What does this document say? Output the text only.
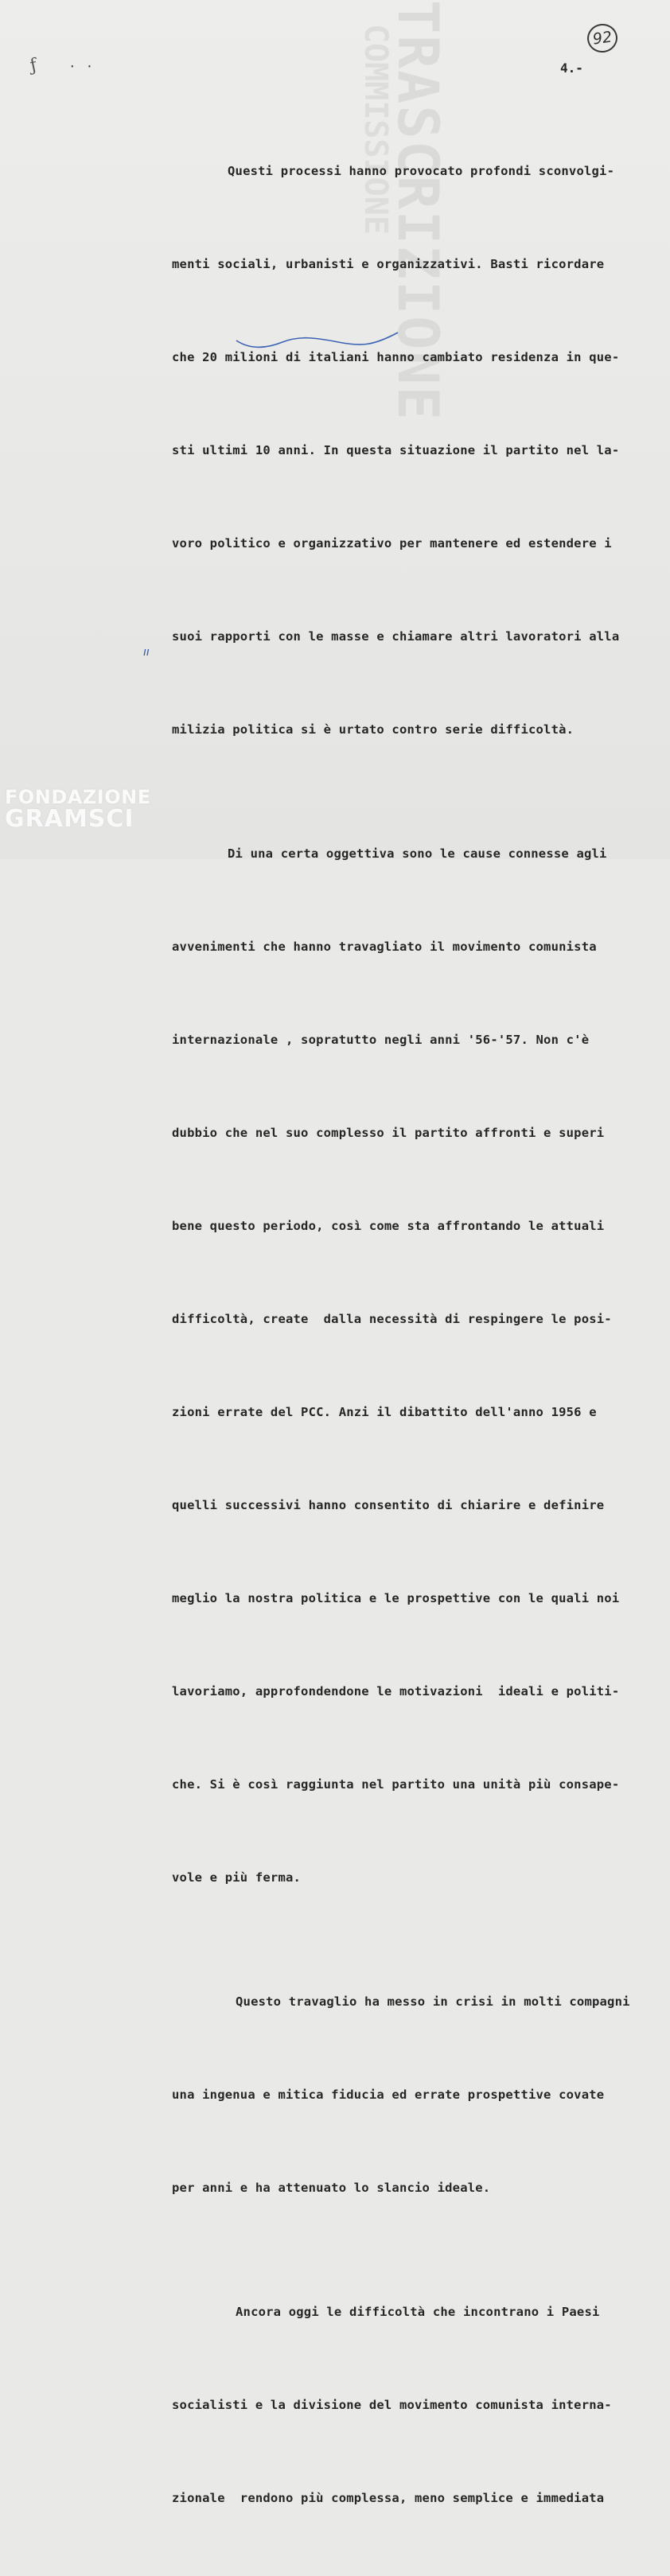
TRASCRIZIONE
COMMISSIONE
ƒ ··
92
4.-
ıı

Questi processi hanno provocato profondi sconvolgi-

menti sociali, urbanisti e organizzativi. Basti ricordare

che 20 milioni di italiani hanno cambiato residenza in que-

sti ultimi 10 anni. In questa situazione il partito nel la-

voro politico e organizzativo per mantenere ed estendere i

suoi rapporti con le masse e chiamare altri lavoratori alla

milizia politica si è urtato contro serie difficoltà.

Di una certa oggettiva sono le cause connesse agli

avvenimenti che hanno travagliato il movimento comunista

internazionale , sopratutto negli anni '56-'57. Non c'è

dubbio che nel suo complesso il partito affronti e superi

bene questo periodo, così come sta affrontando le attuali

difficoltà, create  dalla necessità di respingere le posi-

zioni errate del PCC. Anzi il dibattito dell'anno 1956 e

quelli successivi hanno consentito di chiarire e definire

meglio la nostra politica e le prospettive con le quali noi

lavoriamo, approfondendone le motivazioni  ideali e politi-

che. Si è così raggiunta nel partito una unità più consape-

vole e più ferma.

Questo travaglio ha messo in crisi in molti compagni

una ingenua e mitica fiducia ed errate prospettive covate

per anni e ha attenuato lo slancio ideale.

Ancora oggi le difficoltà che incontrano i Paesi

socialisti e la divisione del movimento comunista interna-

zionale  rendono più complessa, meno semplice e immediata

FONDAZIONE
GRAMSCI
